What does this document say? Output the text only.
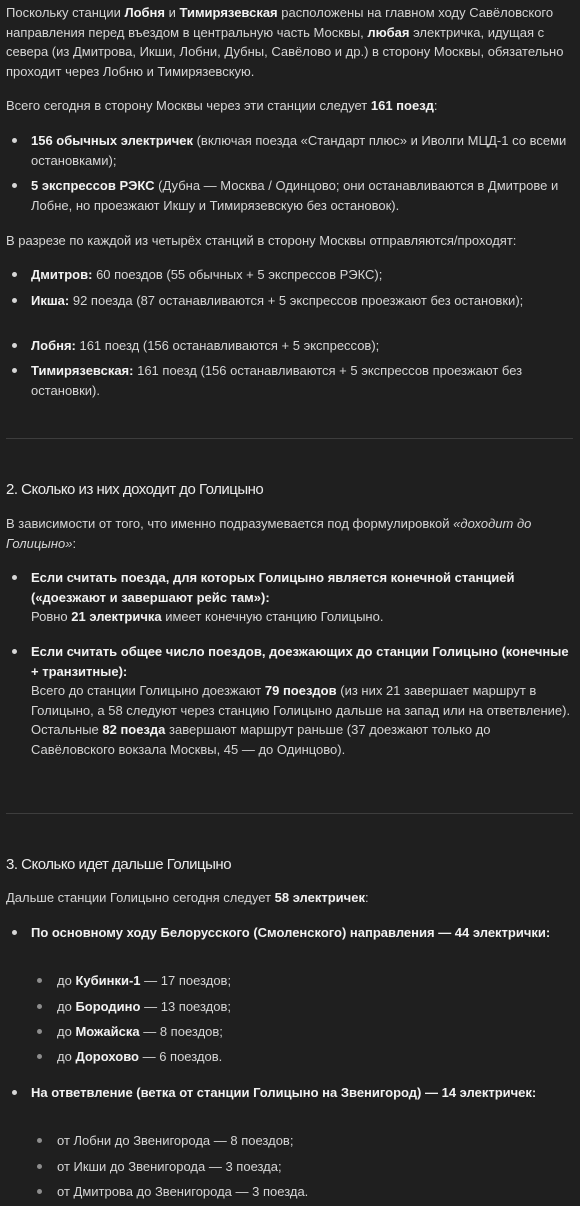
Поскольку станции Лобня и Тимирязевская расположены на главном ходу Савёловского направления перед въездом в центральную часть Москвы, любая электричка, идущая с севера (из Дмитрова, Икши, Лобни, Дубны, Савёлово и др.) в сторону Москвы, обязательно проходит через Лобню и Тимирязевскую.

Всего сегодня в сторону Москвы через эти станции следует 161 поезд:

156 обычных электричек (включая поезда «Стандарт плюс» и Иволги МЦД-1 со всеми остановками);

5 экспрессов РЭКС (Дубна — Москва / Одинцово; они останавливаются в Дмитрове и Лобне, но проезжают Икшу и Тимирязевскую без остановок).

В разрезе по каждой из четырёх станций в сторону Москвы отправляются/проходят:

Дмитров: 60 поездов (55 обычных + 5 экспрессов РЭКС);

Икша: 92 поезда (87 останавливаются + 5 экспрессов проезжают без остановки);

Лобня: 161 поезд (156 останавливаются + 5 экспрессов);

Тимирязевская: 161 поезд (156 останавливаются + 5 экспрессов проезжают без остановки).

2. Сколько из них доходит до Голицыно

В зависимости от того, что именно подразумевается под формулировкой «доходит до Голицыно»:

Если считать поезда, для которых Голицыно является конечной станцией («доезжают и завершают рейс там»):
Ровно 21 электричка имеет конечную станцию Голицыно.
Если считать общее число поездов, доезжающих до станции Голицыно (конечные + транзитные):
Всего до станции Голицыно доезжают 79 поездов (из них 21 завершает маршрут в Голицыно, а 58 следуют через станцию Голицыно дальше на запад или на ответвление).
Остальные 82 поезда завершают маршрут раньше (37 доезжают только до Савёловского вокзала Москвы, 45 — до Одинцово).
3. Сколько идет дальше Голицыно

Дальше станции Голицыно сегодня следует 58 электричек:

По основному ходу Белорусского (Смоленского) направления — 44 электрички:

до Кубинки-1 — 17 поездов;

до Бородино — 13 поездов;

до Можайска — 8 поездов;

до Дорохово — 6 поездов.

На ответвление (ветка от станции Голицыно на Звенигород) — 14 электричек:

от Лобни до Звенигорода — 8 поездов;

от Икши до Звенигорода — 3 поезда;

от Дмитрова до Звенигорода — 3 поезда.
